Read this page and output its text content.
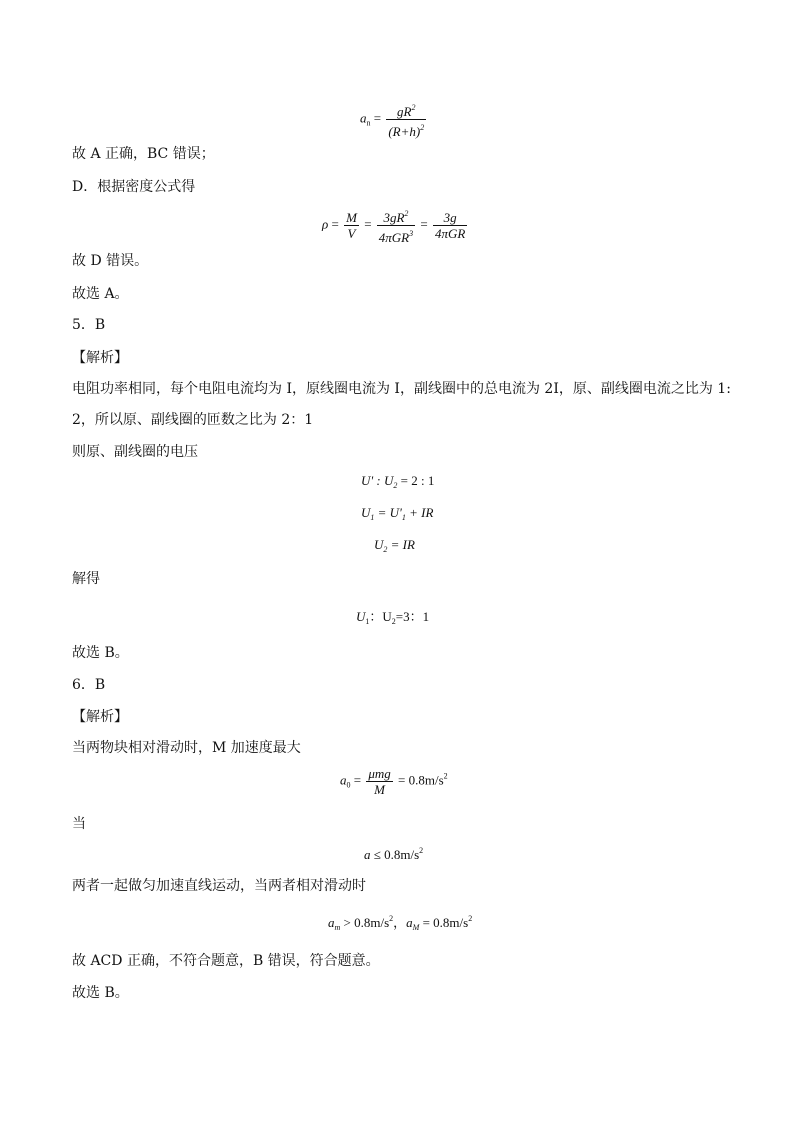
$a_n = \frac{gR^2}{(R+h)^2}$
故 A 正确，BC 错误；
D．根据密度公式得
$\rho = \frac{M}{V} = \frac{3gR^2}{4\pi GR^3} = \frac{3g}{\text{4πGR}}$
故 D 错误。
故选 A。
5．B
【解析】
电阻功率相同，每个电阻电流均为 I，原线圈电流为 I，副线圈中的总电流为 2I，原、副线圈电流之比为 1:
2，所以原、副线圈的匝数之比为 2：1
则原、副线圈的电压
U' : $U_2 = 2$ : 1
$U_1 = U'_1$ + IR
$U_2$ = IR
解得
$U_1$：$U_2=3$：1
故选 B。
6．B
【解析】
当两物块相对滑动时，M 加速度最大
$a_0 = \frac{\text{μmg}}{M} = 0.8m/s^2$
当
$a \le 0.8m/s^2$
两者一起做匀加速直线运动，当两者相对滑动时
$a_m > 0.8m/s^2$，$a_M = 0.8m/s^2$
故 ACD 正确，不符合题意，B 错误，符合题意。
故选 B。
